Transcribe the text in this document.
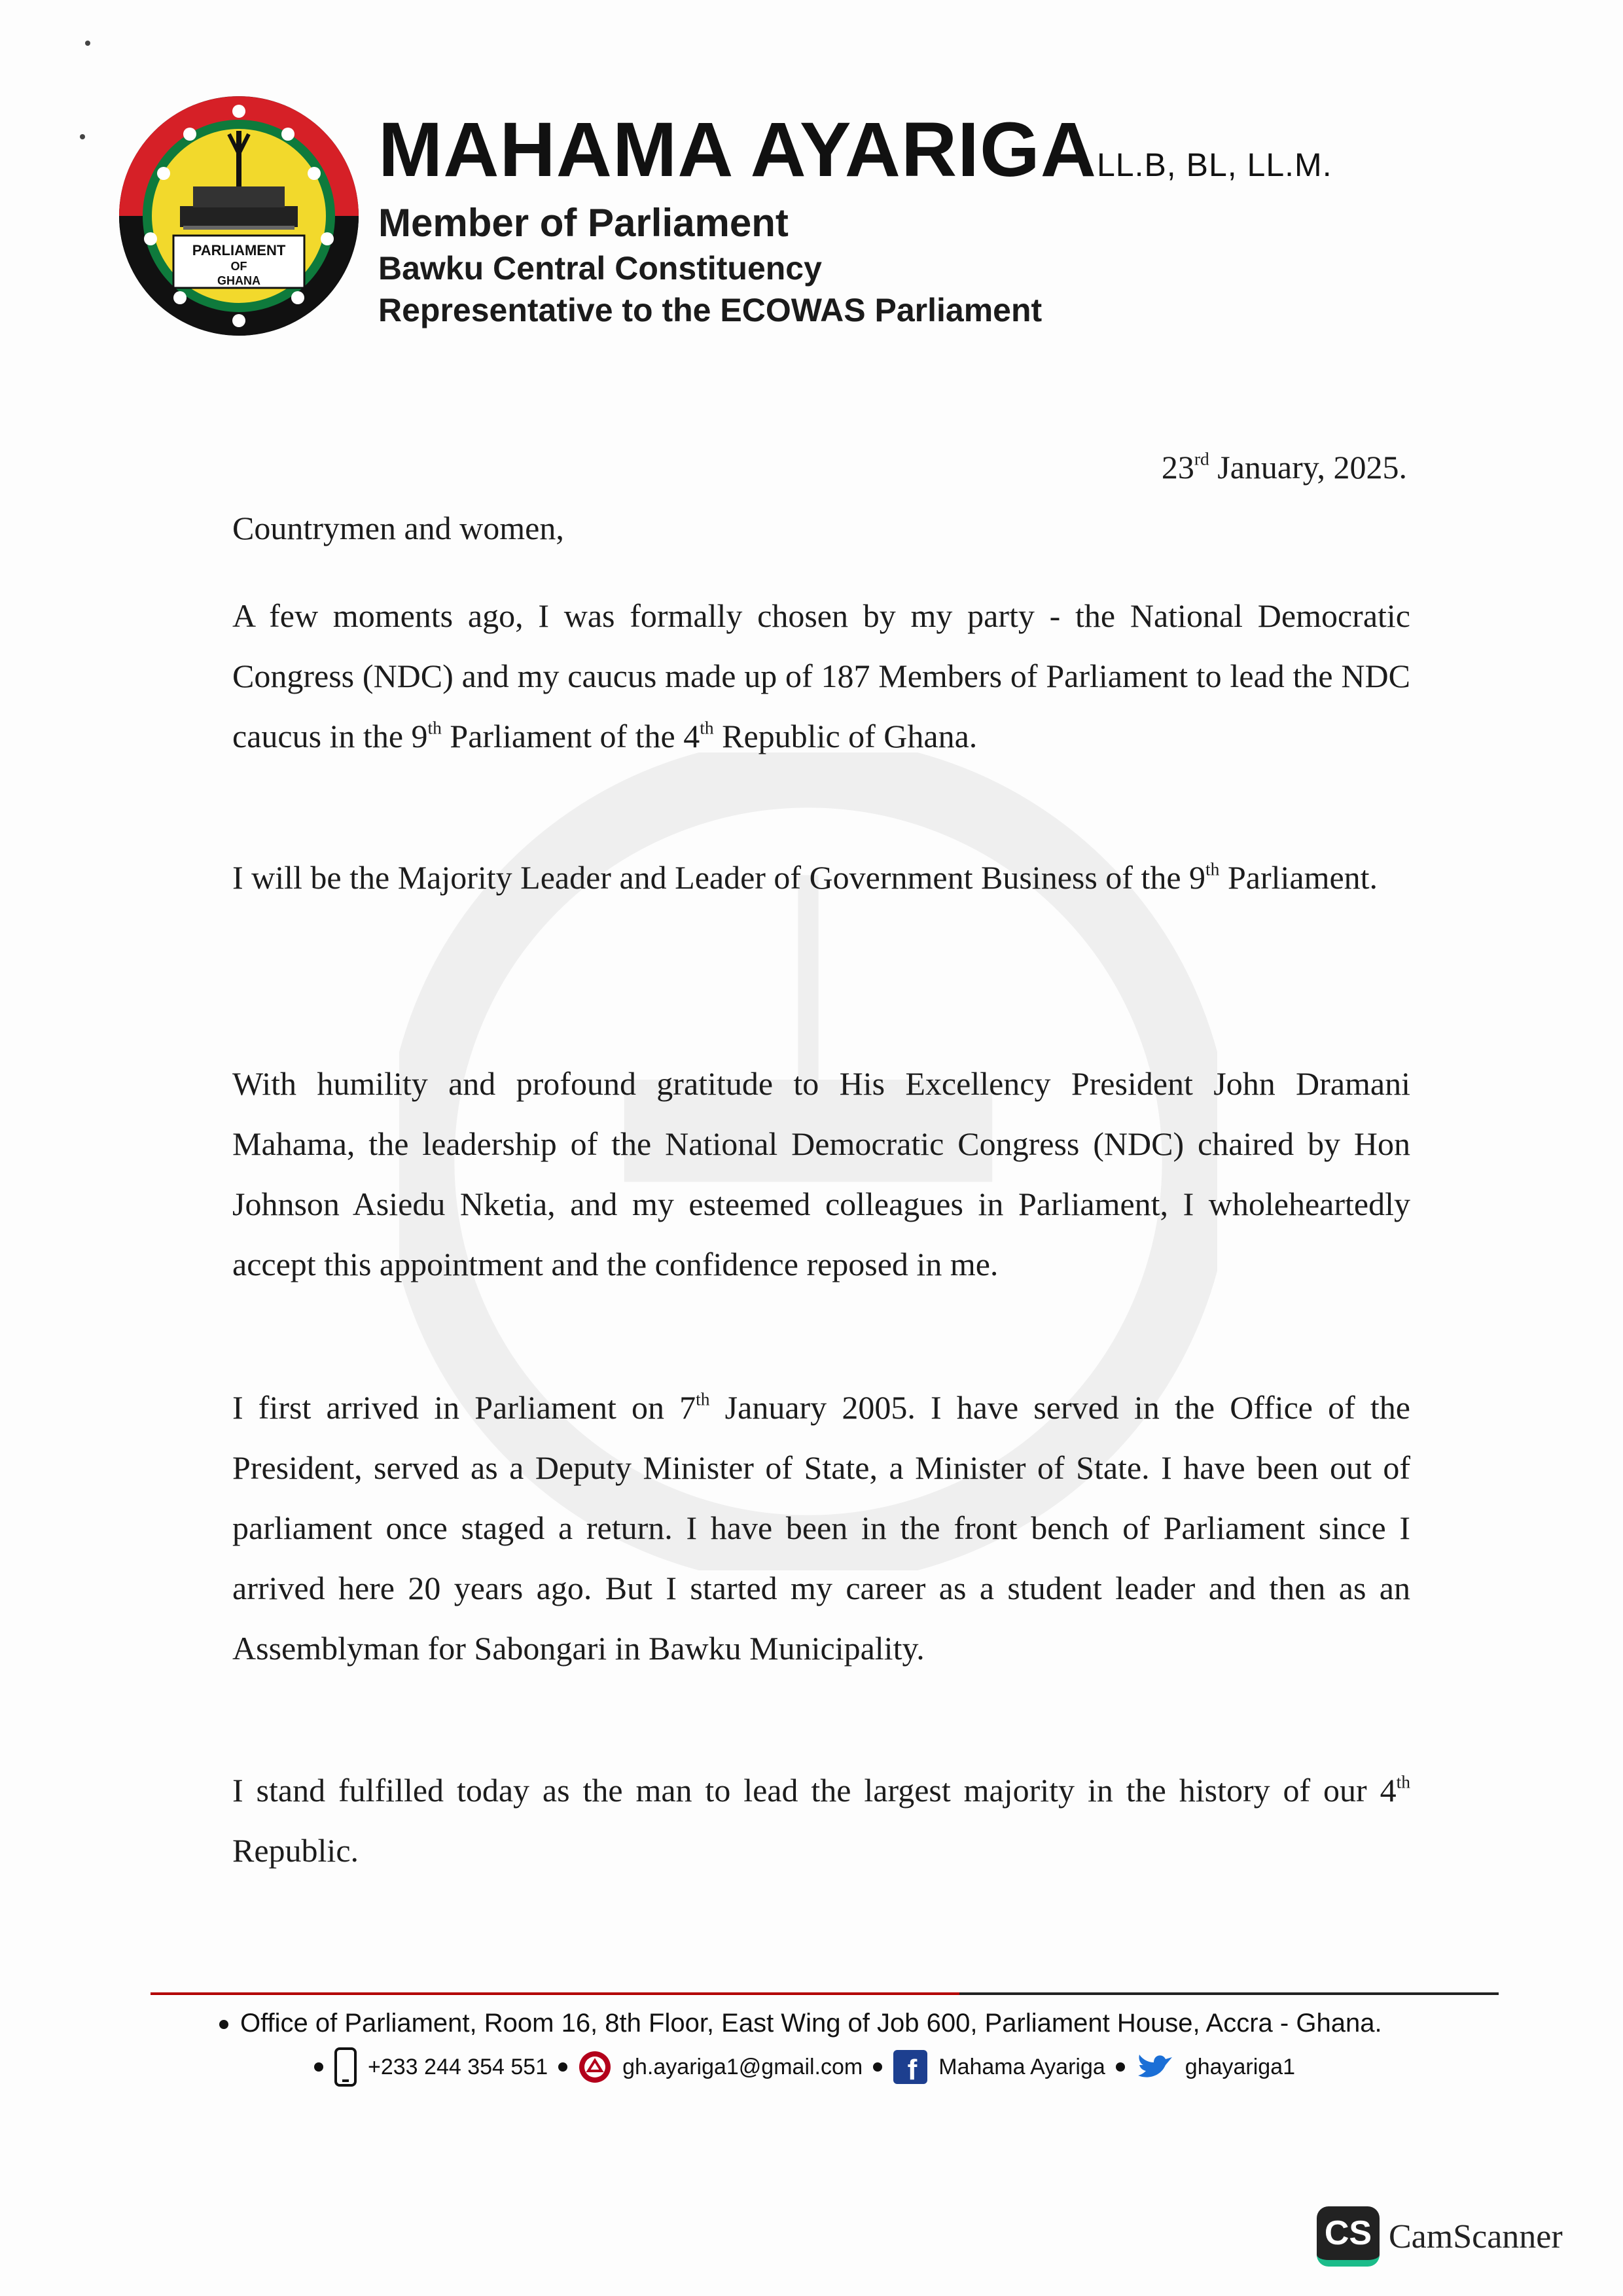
PARLIAMENT
OF
GHANA
MAHAMA AYARIGALL.B, BL, LL.M.
Member of Parliament
Bawku Central Constituency
Representative to the ECOWAS Parliament
23rd January, 2025.
Countrymen and women,
A few moments ago, I was formally chosen by my party - the National Democratic Congress (NDC) and my caucus made up of 187 Members of Parliament to lead the NDC caucus in the 9th Parliament of the 4th Republic of Ghana.
I will be the Majority Leader and Leader of Government Business of the 9th Parliament.
With humility and profound gratitude to His Excellency President John Dramani Mahama, the leadership of the National Democratic Congress (NDC) chaired by Hon Johnson Asiedu Nketia, and my esteemed colleagues in Parliament, I wholeheartedly accept this appointment and the confidence reposed in me.
I first arrived in Parliament on 7th January 2005. I have served in the Office of the President, served as a Deputy Minister of State, a Minister of State. I have been out of parliament once staged a return. I have been in the front bench of Parliament since I arrived here 20 years ago. But I started my career as a student leader and then as an Assemblyman for Sabongari in Bawku Municipality.
I stand fulfilled today as the man to lead the largest majority in the history of our 4th Republic.
Office of Parliament, Room 16, 8th Floor, East Wing of Job 600, Parliament House, Accra - Ghana.
+233 244 354 551	gh.ayariga1@gmail.com f Mahama Ayariga	ghayariga1
CS CamScanner
